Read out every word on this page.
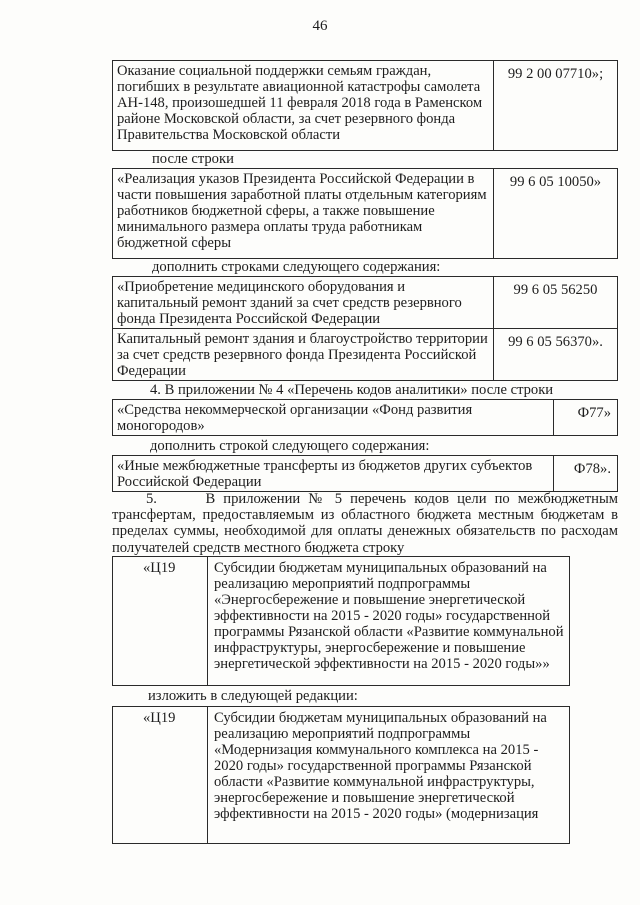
46
Оказание социальной поддержки семьям граждан, погибших в результате авиационной катастрофы самолета АН-148, произошедшей 11 февраля 2018 года в Раменском районе Московской области, за счет резервного фонда Правительства Московской области	99 2 00 07710»;
после строки
«Реализация указов Президента Российской Федерации в части повышения заработной платы отдельным категориям работников бюджетной сферы, а также повышение минимального размера оплаты труда работникам бюджетной сферы	99 6 05 10050»
дополнить строками следующего содержания:
«Приобретение медицинского оборудования и капитальный ремонт зданий за счет средств резервного фонда Президента Российской Федерации	99 6 05 56250
Капитальный ремонт здания и благоустройство территории за счет средств резервного фонда Президента Российской Федерации	99 6 05 56370».
4. В приложении № 4 «Перечень кодов аналитики» после строки
«Средства некоммерческой организации «Фонд развития моногородов»	Ф77»
дополнить строкой следующего содержания:
«Иные межбюджетные трансферты из бюджетов других субъектов Российской Федерации	Ф78».
5.	В приложении № 5 перечень кодов цели по межбюджетным трансфертам, предоставляемым из областного бюджета местным бюджетам в пределах суммы, необходимой для оплаты денежных обязательств по расходам получателей средств местного бюджета строку
«Ц19	Субсидии бюджетам муниципальных образований на реализацию мероприятий подпрограммы «Энергосбережение и повышение энергетической эффективности на 2015 - 2020 годы» государственной программы Рязанской области «Развитие коммунальной инфраструктуры, энергосбережение и повышение энергетической эффективности на 2015 - 2020 годы»»
изложить в следующей редакции:
«Ц19	Субсидии бюджетам муниципальных образований на реализацию мероприятий подпрограммы «Модернизация коммунального комплекса на 2015 - 2020 годы» государственной программы Рязанской области «Развитие коммунальной инфраструктуры, энергосбережение и повышение энергетической эффективности на 2015 - 2020 годы» (модернизация
